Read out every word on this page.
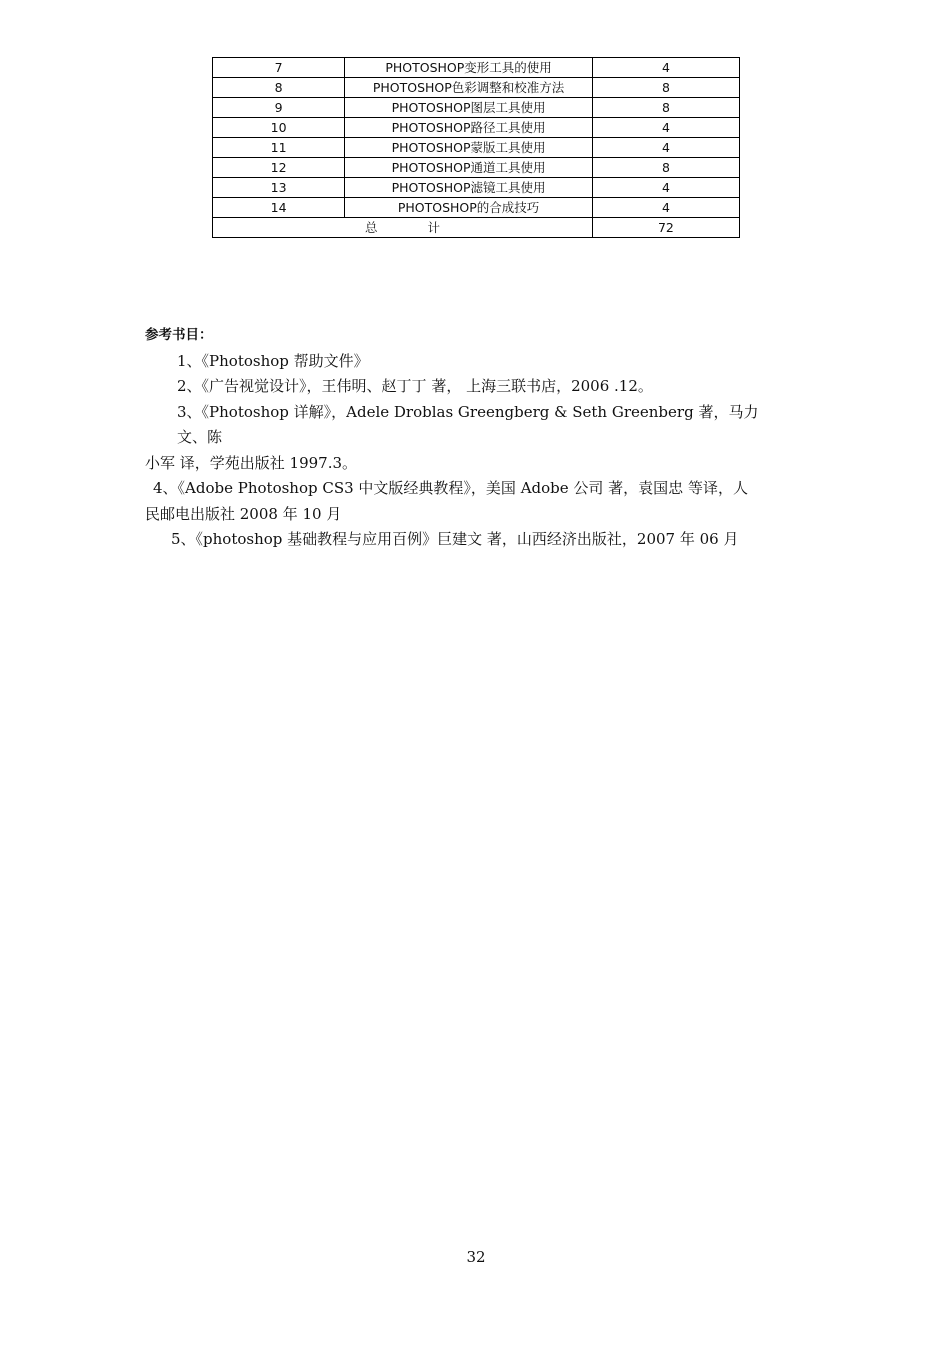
7	PHOTOSHOP变形工具的使用	4
8	PHOTOSHOP色彩调整和校准方法	8
9	PHOTOSHOP图层工具使用	8
10	PHOTOSHOP路径工具使用	4
11	PHOTOSHOP蒙版工具使用	4
12	PHOTOSHOP通道工具使用	8
13	PHOTOSHOP滤镜工具使用	4
14	PHOTOSHOP的合成技巧	4
总　　　　计		72

参考书目：

1、《Photoshop 帮助文件》

2、《广告视觉设计》，王伟明、赵丁丁 著， 上海三联书店，2006 .12。

3、《Photoshop 详解》，Adele Droblas Greengberg & Seth Greenberg 著，马力

文、陈

小军 译，学苑出版社 1997.3。

4、《Adobe Photoshop CS3 中文版经典教程》，美国 Adobe 公司 著，袁国忠 等译，人

民邮电出版社 2008 年 10 月

5、《photoshop 基础教程与应用百例》巨建文 著，山西经济出版社，2007 年 06 月

32
